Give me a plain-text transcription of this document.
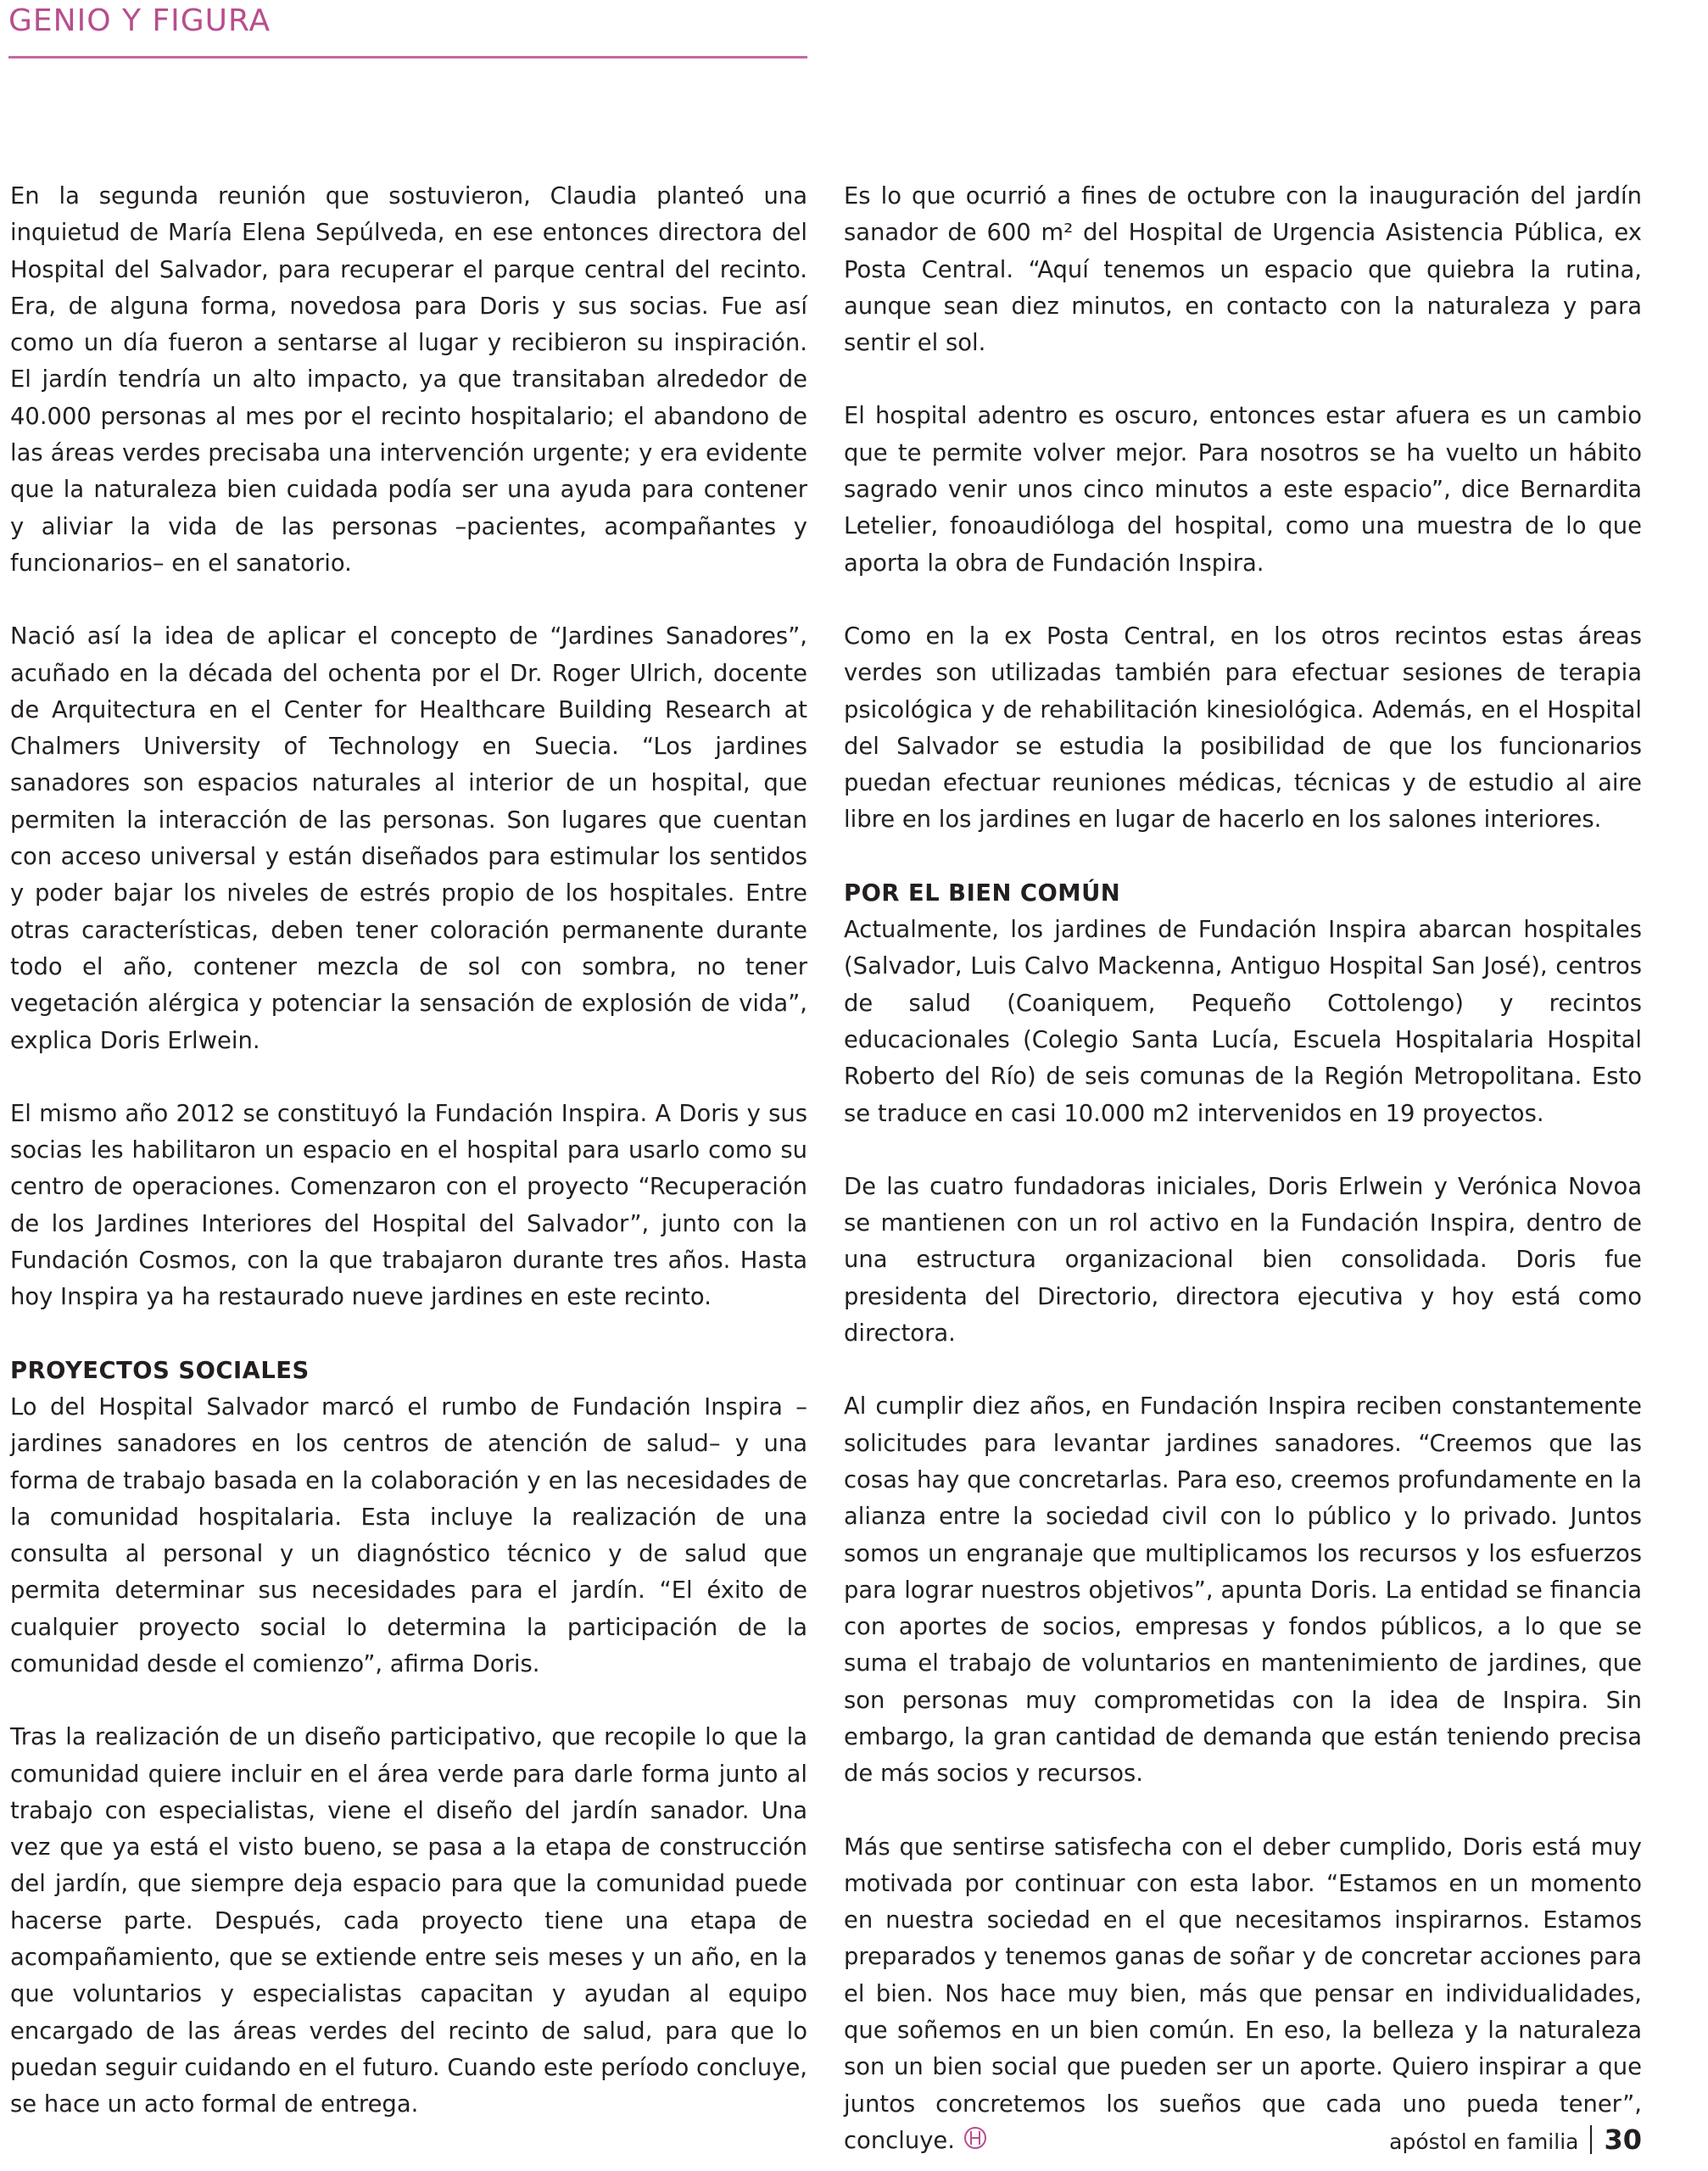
GENIO Y FIGURA

En la segunda reunión que sostuvieron, Claudia planteó una inquietud de María Elena Sepúlveda, en ese entonces directora del Hospital del Salvador, para recuperar el parque central del recinto. Era, de alguna forma, novedosa para Doris y sus socias. Fue así como un día fueron a sentarse al lugar y recibieron su inspiración. El jardín tendría un alto impacto, ya que transitaban alrededor de 40.000 personas al mes por el recinto hospitalario; el abandono de las áreas verdes precisaba una intervención urgente; y era evidente que la naturaleza bien cuidada podía ser una ayuda para contener y aliviar la vida de las personas –pacientes, acompañantes y funcionarios– en el sanatorio.

Nació así la idea de aplicar el concepto de “Jardines Sanadores”, acuñado en la década del ochenta por el Dr. Roger Ulrich, docente de Arquitectura en el Center for Healthcare Building Research at Chalmers University of Technology en Suecia. “Los jardines sanadores son espacios naturales al interior de un hospital, que permiten la interacción de las personas. Son lugares que cuentan con acceso universal y están diseñados para estimular los sentidos y poder bajar los niveles de estrés propio de los hospitales. Entre otras características, deben tener coloración permanente durante todo el año, contener mezcla de sol con sombra, no tener vegetación alérgica y potenciar la sensación de explosión de vida”, explica Doris Erlwein.

El mismo año 2012 se constituyó la Fundación Inspira. A Doris y sus socias les habilitaron un espacio en el hospital para usarlo como su centro de operaciones. Comenzaron con el proyecto “Recuperación de los Jardines Interiores del Hospital del Salvador”, junto con la Fundación Cosmos, con la que trabajaron durante tres años. Hasta hoy Inspira ya ha restaurado nueve jardines en este recinto.

PROYECTOS SOCIALES

Lo del Hospital Salvador marcó el rumbo de Fundación Inspira –jardines sanadores en los centros de atención de salud– y una forma de trabajo basada en la colaboración y en las necesidades de la comunidad hospitalaria. Esta incluye la realización de una consulta al personal y un diagnóstico técnico y de salud que permita determinar sus necesidades para el jardín. “El éxito de cualquier proyecto social lo determina la participación de la comunidad desde el comienzo”, afirma Doris.

Tras la realización de un diseño participativo, que recopile lo que la comunidad quiere incluir en el área verde para darle forma junto al trabajo con especialistas, viene el diseño del jardín sanador. Una vez que ya está el visto bueno, se pasa a la etapa de construcción del jardín, que siempre deja espacio para que la comunidad puede hacerse parte. Después, cada proyecto tiene una etapa de acompañamiento, que se extiende entre seis meses y un año, en la que voluntarios y especialistas capacitan y ayudan al equipo encargado de las áreas verdes del recinto de salud, para que lo puedan seguir cuidando en el futuro. Cuando este período concluye, se hace un acto formal de entrega.

Es lo que ocurrió a fines de octubre con la inauguración del jardín sanador de 600 m² del Hospital de Urgencia Asistencia Pública, ex Posta Central. “Aquí tenemos un espacio que quiebra la rutina, aunque sean diez minutos, en contacto con la naturaleza y para sentir el sol.

El hospital adentro es oscuro, entonces estar afuera es un cambio que te permite volver mejor. Para nosotros se ha vuelto un hábito sagrado venir unos cinco minutos a este espacio”, dice Bernardita Letelier, fonoaudióloga del hospital, como una muestra de lo que aporta la obra de Fundación Inspira.

Como en la ex Posta Central, en los otros recintos estas áreas verdes son utilizadas también para efectuar sesiones de terapia psicológica y de rehabilitación kinesiológica. Además, en el Hospital del Salvador se estudia la posibilidad de que los funcionarios puedan efectuar reuniones médicas, técnicas y de estudio al aire libre en los jardines en lugar de hacerlo en los salones interiores.

POR EL BIEN COMÚN

Actualmente, los jardines de Fundación Inspira abarcan hospitales (Salvador, Luis Calvo Mackenna, Antiguo Hospital San José), centros de salud (Coaniquem, Pequeño Cottolengo) y recintos educacionales (Colegio Santa Lucía, Escuela Hospitalaria Hospital Roberto del Río) de seis comunas de la Región Metropolitana. Esto se traduce en casi 10.000 m2 intervenidos en 19 proyectos.

De las cuatro fundadoras iniciales, Doris Erlwein y Verónica Novoa se mantienen con un rol activo en la Fundación Inspira, dentro de una estructura organizacional bien consolidada. Doris fue presidenta del Directorio, directora ejecutiva y hoy está como directora.

Al cumplir diez años, en Fundación Inspira reciben constantemente solicitudes para levantar jardines sanadores. “Creemos que las cosas hay que concretarlas. Para eso, creemos profundamente en la alianza entre la sociedad civil con lo público y lo privado. Juntos somos un engranaje que multiplicamos los recursos y los esfuerzos para lograr nuestros objetivos”, apunta Doris. La entidad se financia con aportes de socios, empresas y fondos públicos, a lo que se suma el trabajo de voluntarios en mantenimiento de jardines, que son personas muy comprometidas con la idea de Inspira. Sin embargo, la gran cantidad de demanda que están teniendo precisa de más socios y recursos.

Más que sentirse satisfecha con el deber cumplido, Doris está muy motivada por continuar con esta labor. “Estamos en un momento en nuestra sociedad en el que necesitamos inspirarnos. Estamos preparados y tenemos ganas de soñar y de concretar acciones para el bien. Nos hace muy bien, más que pensar en individualidades, que soñemos en un bien común. En eso, la belleza y la naturaleza son un bien social que pueden ser un aporte. Quiero inspirar a que juntos concretemos los sueños que cada uno pueda tener”, concluye.	apóstol en familia 30
